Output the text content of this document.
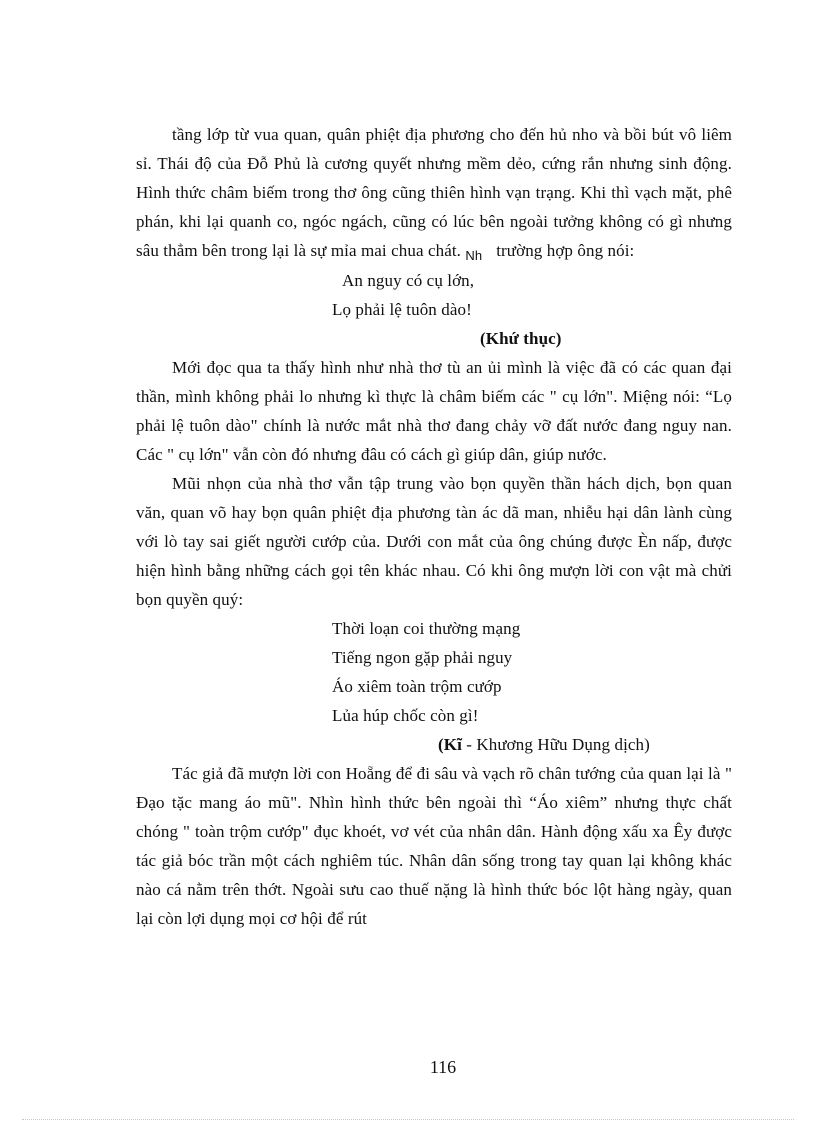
tầng lớp từ vua quan, quân phiệt địa phương cho đến hủ nho và bồi bút vô liêm sỉ. Thái độ của Đỗ Phủ là cương quyết nhưng mềm dẻo, cứng rắn nhưng sinh động. Hình thức châm biếm trong thơ ông cũng thiên hình vạn trạng. Khi thì vạch mặt, phê phán, khi lại quanh co, ngóc ngách, cũng có lúc bên ngoài tưởng không có gì nhưng sâu thẳm bên trong lại là sự mỉa mai chua chát. $_{Nh}$ trường hợp ông nói:

An nguy có cụ lớn,
Lọ phải lệ tuôn dào!
(Khứ thục)

Mới đọc qua ta thấy hình như nhà thơ tù an ủi mình là việc đã có các quan đại thần, mình không phải lo nhưng kì thực là châm biếm các " cụ lớn". Miệng nói: “Lọ phải lệ tuôn dào" chính là nước mắt nhà thơ đang chảy vỡ đất nước đang nguy nan. Các " cụ lớn" vẫn còn đó nhưng đâu có cách gì giúp dân, giúp nước.

Mũi nhọn của nhà thơ vẫn tập trung vào bọn quyền thần hách dịch, bọn quan văn, quan võ hay bọn quân phiệt địa phương tàn ác dã man, nhiễu hại dân lành cùng với lò tay sai giết người cướp của. Dưới con mắt của ông chúng được Èn nấp, được hiện hình bằng những cách gọi tên khác nhau. Có khi ông mượn lời con vật mà chửi bọn quyền quý:

Thời loạn coi thường mạng
Tiếng ngon gặp phải nguy
Áo xiêm toàn trộm cướp
Lủa húp chốc còn gì!
(Kĩ - Khương Hữu Dụng dịch)

Tác giả đã mượn lời con Hoẵng để đi sâu và vạch rõ chân tướng của quan lại là " Đạo tặc mang áo mũ". Nhìn hình thức bên ngoài thì “Áo xiêm” nhưng thực chất chóng " toàn trộm cướp" đục khoét, vơ vét của nhân dân. Hành động xấu xa Êy được tác giả bóc trần một cách nghiêm túc. Nhân dân sống trong tay quan lại không khác nào cá nằm trên thớt. Ngoài sưu cao thuế nặng là hình thức bóc lột hàng ngày, quan lại còn lợi dụng mọi cơ hội để rút

116
